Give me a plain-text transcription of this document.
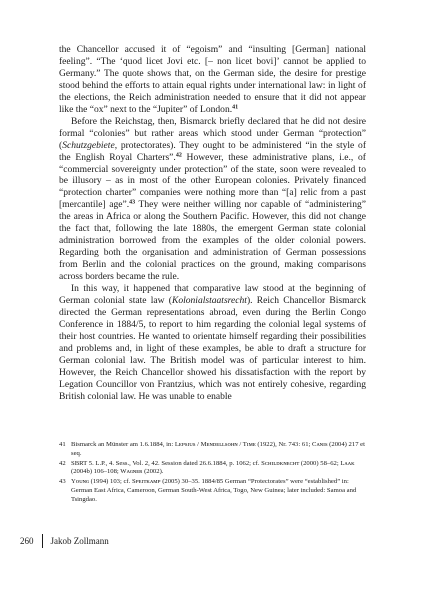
the Chancellor accused it of “egoism” and “insulting [German] national feeling”. “The ‘quod licet Jovi etc. [– non licet bovi]’ cannot be applied to Germany.” The quote shows that, on the German side, the desire for prestige stood behind the efforts to attain equal rights under international law: in light of the elections, the Reich administration needed to ensure that it did not appear like the “ox” next to the “Jupiter” of London.$^{41}$

Before the Reichstag, then, Bismarck briefly declared that he did not desire formal “colonies” but rather areas which stood under German “protection” (Schutzgebiete, protectorates). They ought to be administered “in the style of the English Royal Charters”.$^{42}$ However, these administrative plans, i.e., of “commercial sovereignty under protection” of the state, soon were revealed to be illusory – as in most of the other European colonies. Privately financed “protection charter” companies were nothing more than “[a] relic from a past [mercantile] age”.$^{43}$ They were neither willing nor capable of “administering” the areas in Africa or along the Southern Pacific. However, this did not change the fact that, following the late 1880s, the emergent German state colonial administration borrowed from the examples of the older colonial powers. Regarding both the organisation and administration of German possessions from Berlin and the colonial practices on the ground, making comparisons across borders became the rule.

In this way, it happened that comparative law stood at the beginning of German colonial state law (Kolonialstaatsrecht). Reich Chancellor Bismarck directed the German representations abroad, even during the Berlin Congo Conference in 1884/5, to report to him regarding the colonial legal systems of their host countries. He wanted to orientate himself regarding their possibilities and problems and, in light of these examples, be able to draft a structure for German colonial law. The British model was of particular interest to him. However, the Reich Chancellor showed his dissatisfaction with the report by Legation Councillor von Frantzius, which was not entirely cohesive, regarding British colonial law. He was unable to enable

41 Bismarck an Münster am 1.6.1884, in: Lᴇᴘsɪᴜs / Mᴇɴᴅᴇʟʟsᴏʜɴ / Tɪᴍᴇ (1922), Nr. 743: 61; Cᴀɴɪs (2004) 217 et seq.
42 SBRT 5. L.P., 4. Sess., Vol. 2, 42. Session dated 26.6.1884, p. 1062; cf. Sᴄʜɪʟᴅᴋɴᴇᴄʜᴛ (2000) 58–62; Lᴀᴀᴋ (2004b) 106–108; Wᴀɢɴᴇʀ (2002).
43 Yᴏᴜɴɢ (1994) 103; cf. Sᴘᴇɪᴛᴋᴀᴍᴘ (2005) 30–35. 1884/85 German “Protectorates” were “established” in: German East Africa, Cameroon, German South-West Africa, Togo, New Guinea; later included: Samoa and Tsingdao.
260 Jakob Zollmann
